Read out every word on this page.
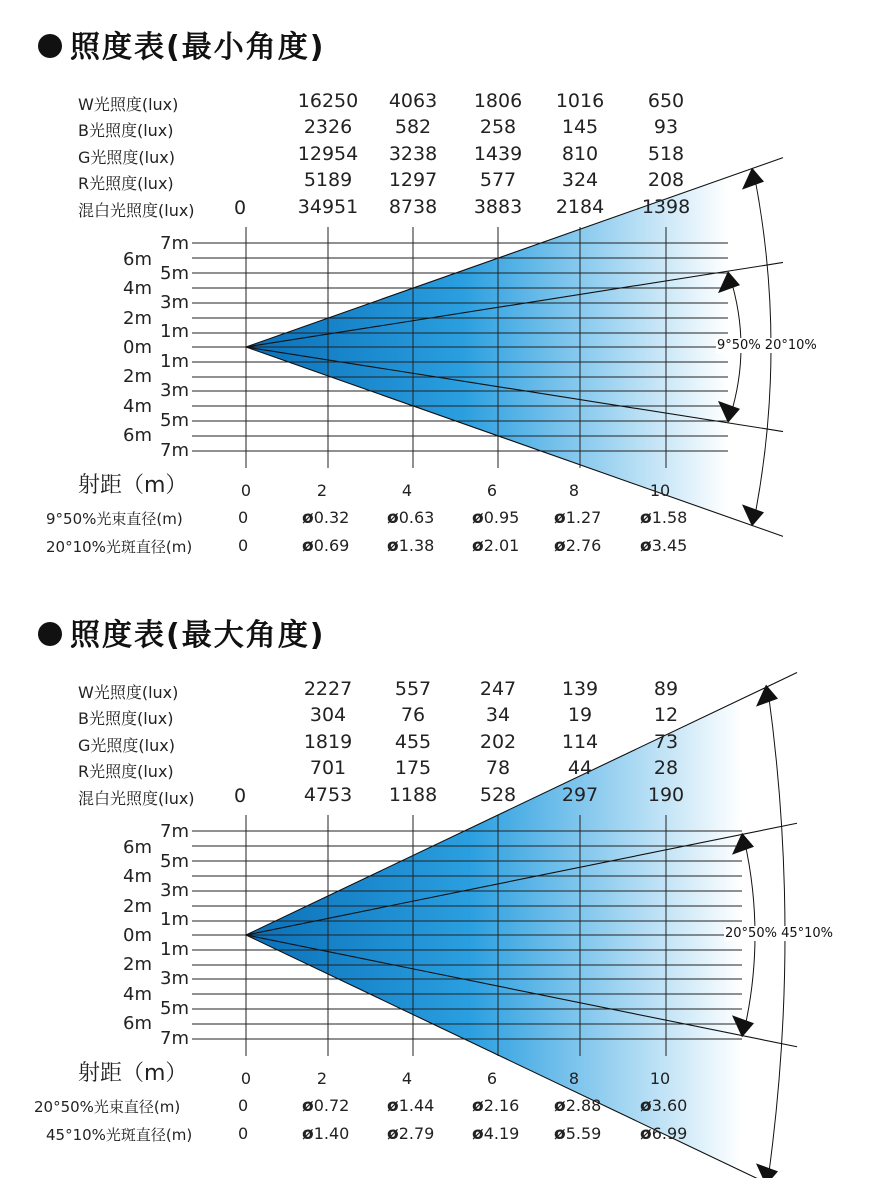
照度表(最小角度)
W光照度(lux)	16250	4063	1806	1016	650
B光照度(lux)	2326	582	258	145	93
G光照度(lux)	12954	3238	1439	810	518
R光照度(lux)	5189	1297	577	324	208
混白光照度(lux) 0	34951	8738	3883	2184	1398
9°50% 20°10%
6m
4m
2m
0m
2m
4m
6m
7m
5m
3m
1m
1m
3m
5m
7m
射距（m）	0	2	4	6	8	10
9°50%光束直径(m)	0	ø0.32 ø0.63 ø0.95 ø1.27 ø1.58
20°10%光斑直径(m)	0	ø0.69 ø1.38 ø2.01 ø2.76 ø3.45
照度表(最大角度)
W光照度(lux)	2227	557	247	139	89
B光照度(lux)	304	76	34	19	12
G光照度(lux)	1819	455	202	114	73
R光照度(lux)	701	175	78	44	28
混白光照度(lux) 0	4753	1188	528	297	190
20°50% 45°10%
6m
4m
2m
0m
2m
4m
6m
7m
5m
3m
1m
1m
3m
5m
7m
射距（m）	0	2	4	6	8	10
20°50%光束直径(m)	0	ø0.72 ø1.44 ø2.16 ø2.88 ø3.60
45°10%光斑直径(m)	0	ø1.40 ø2.79 ø4.19 ø5.59 ø6.99
